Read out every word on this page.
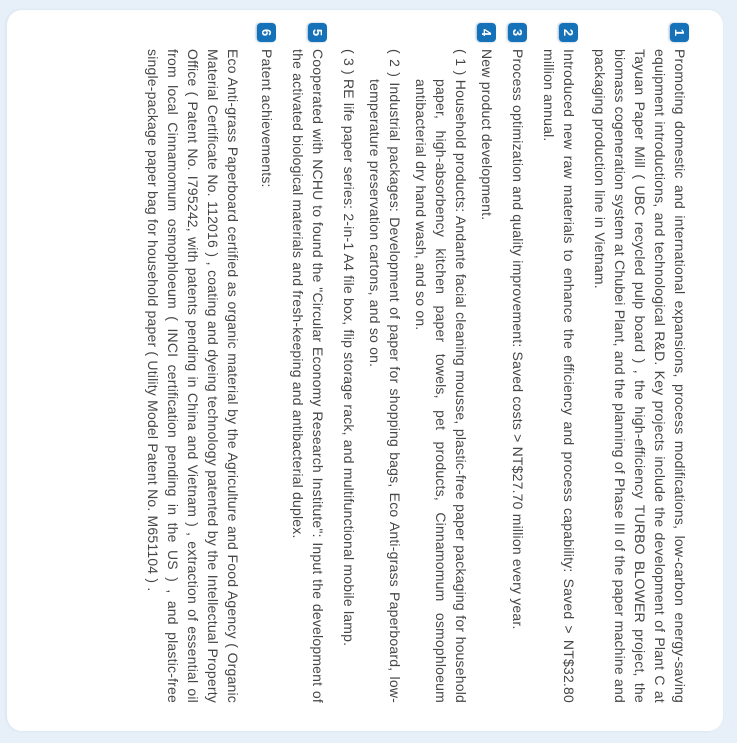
1

Promoting domestic and international expansions, process modifications, low-carbon energy-saving equipment introductions, and technological R&D. Key projects include the development of Plant C at Tayuan Paper Mill ( UBC recycled pulp board ) , the high-efficiency TURBO BLOWER project, the biomass cogeneration system at Chubei Plant, and the planning of Phase III of the paper machine and packaging production line in Vietnam.

2

Introduced new raw materials to enhance the efficiency and process capability: Saved > NT$32.80 million annual.

3

Process optimization and quality improvement: Saved costs > NT$27.70 million every year.

4

New product development.

( 1 ) Household products: Andante facial cleaning mousse, plastic-free paper packaging for household paper, high-absorbency kitchen paper towels, pet products, Cinnamomum osmophloeum antibacterial dry hand wash, and so on.

( 2 ) Industrial packages: Development of paper for shopping bags, Eco Anti-grass Paperboard, low-temperature preservation cartons, and so on.

( 3 ) RE life paper series: 2-in-1 A4 file box, flip storage rack, and multifunctional mobile lamp.

5

Cooperated with NCHU to found the "Circular Economy Research Institute": Input the development of the activated biological materials and fresh-keeping and antibacterial duplex.

6

Patent achievements:

Eco Anti-grass Paperboard certified as organic material by the Agriculture and Food Agency ( Organic Material Certificate No. 112016 ) , coating and dyeing technology patented by the Intellectual Property Office ( Patent No. I795242, with patents pending in China and Vietnam ) , extraction of essential oil from local Cinnamomum osmophloeum ( INCI certification pending in the US ) , and plastic-free single-package paper bag for household paper ( Utility Model Patent No. M651104 ) .
